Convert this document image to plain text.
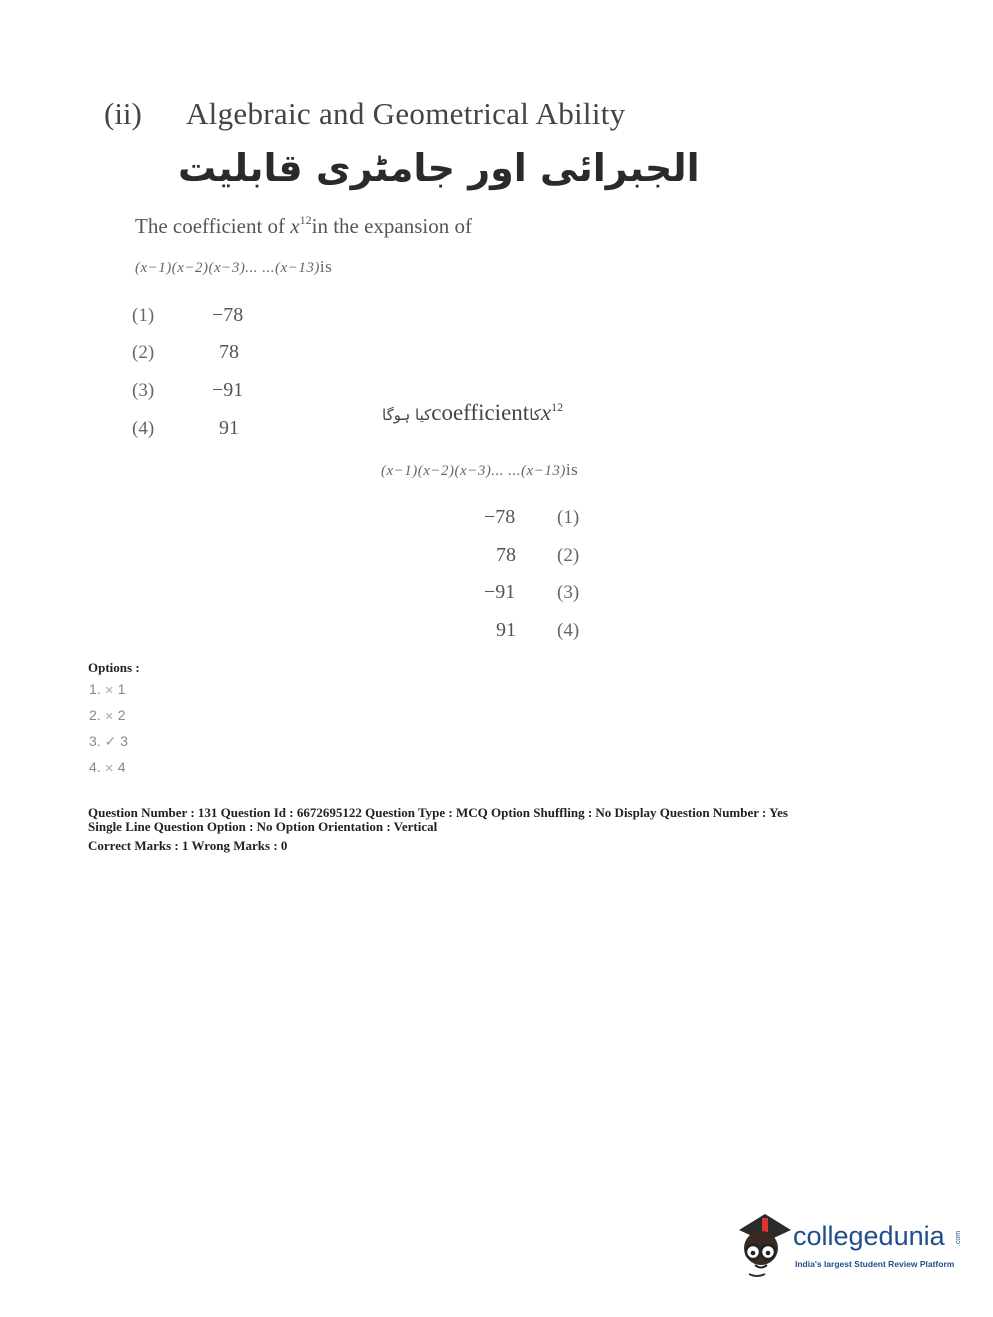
(ii) Algebraic and Geometrical Ability
الجبرائی اور جامٹری قابلیت
The coefficient of $x^{12}in$ the expansion of
(x−1)(x−2)(x−3)... ...(x−13)is
(1)	−78
(2)	78
(3)	−91
(4)	91
کیا ہوگاcoefficientکاx$^{12}$
(x−1)(x−2)(x−3)... ...(x−13)is
−78 (1)
78 (2)
−91 (3)
91 (4)
Options :
1. ✕ 1
2. ✕ 2
3. ✓ 3
4. ✕ 4
Question Number : 131 Question Id : 6672695122 Question Type : MCQ Option Shuffling : No Display Question Number : Yes
Single Line Question Option : No Option Orientation : Vertical
Correct Marks : 1 Wrong Marks : 0
collegedunia .com
India's largest Student Review Platform
